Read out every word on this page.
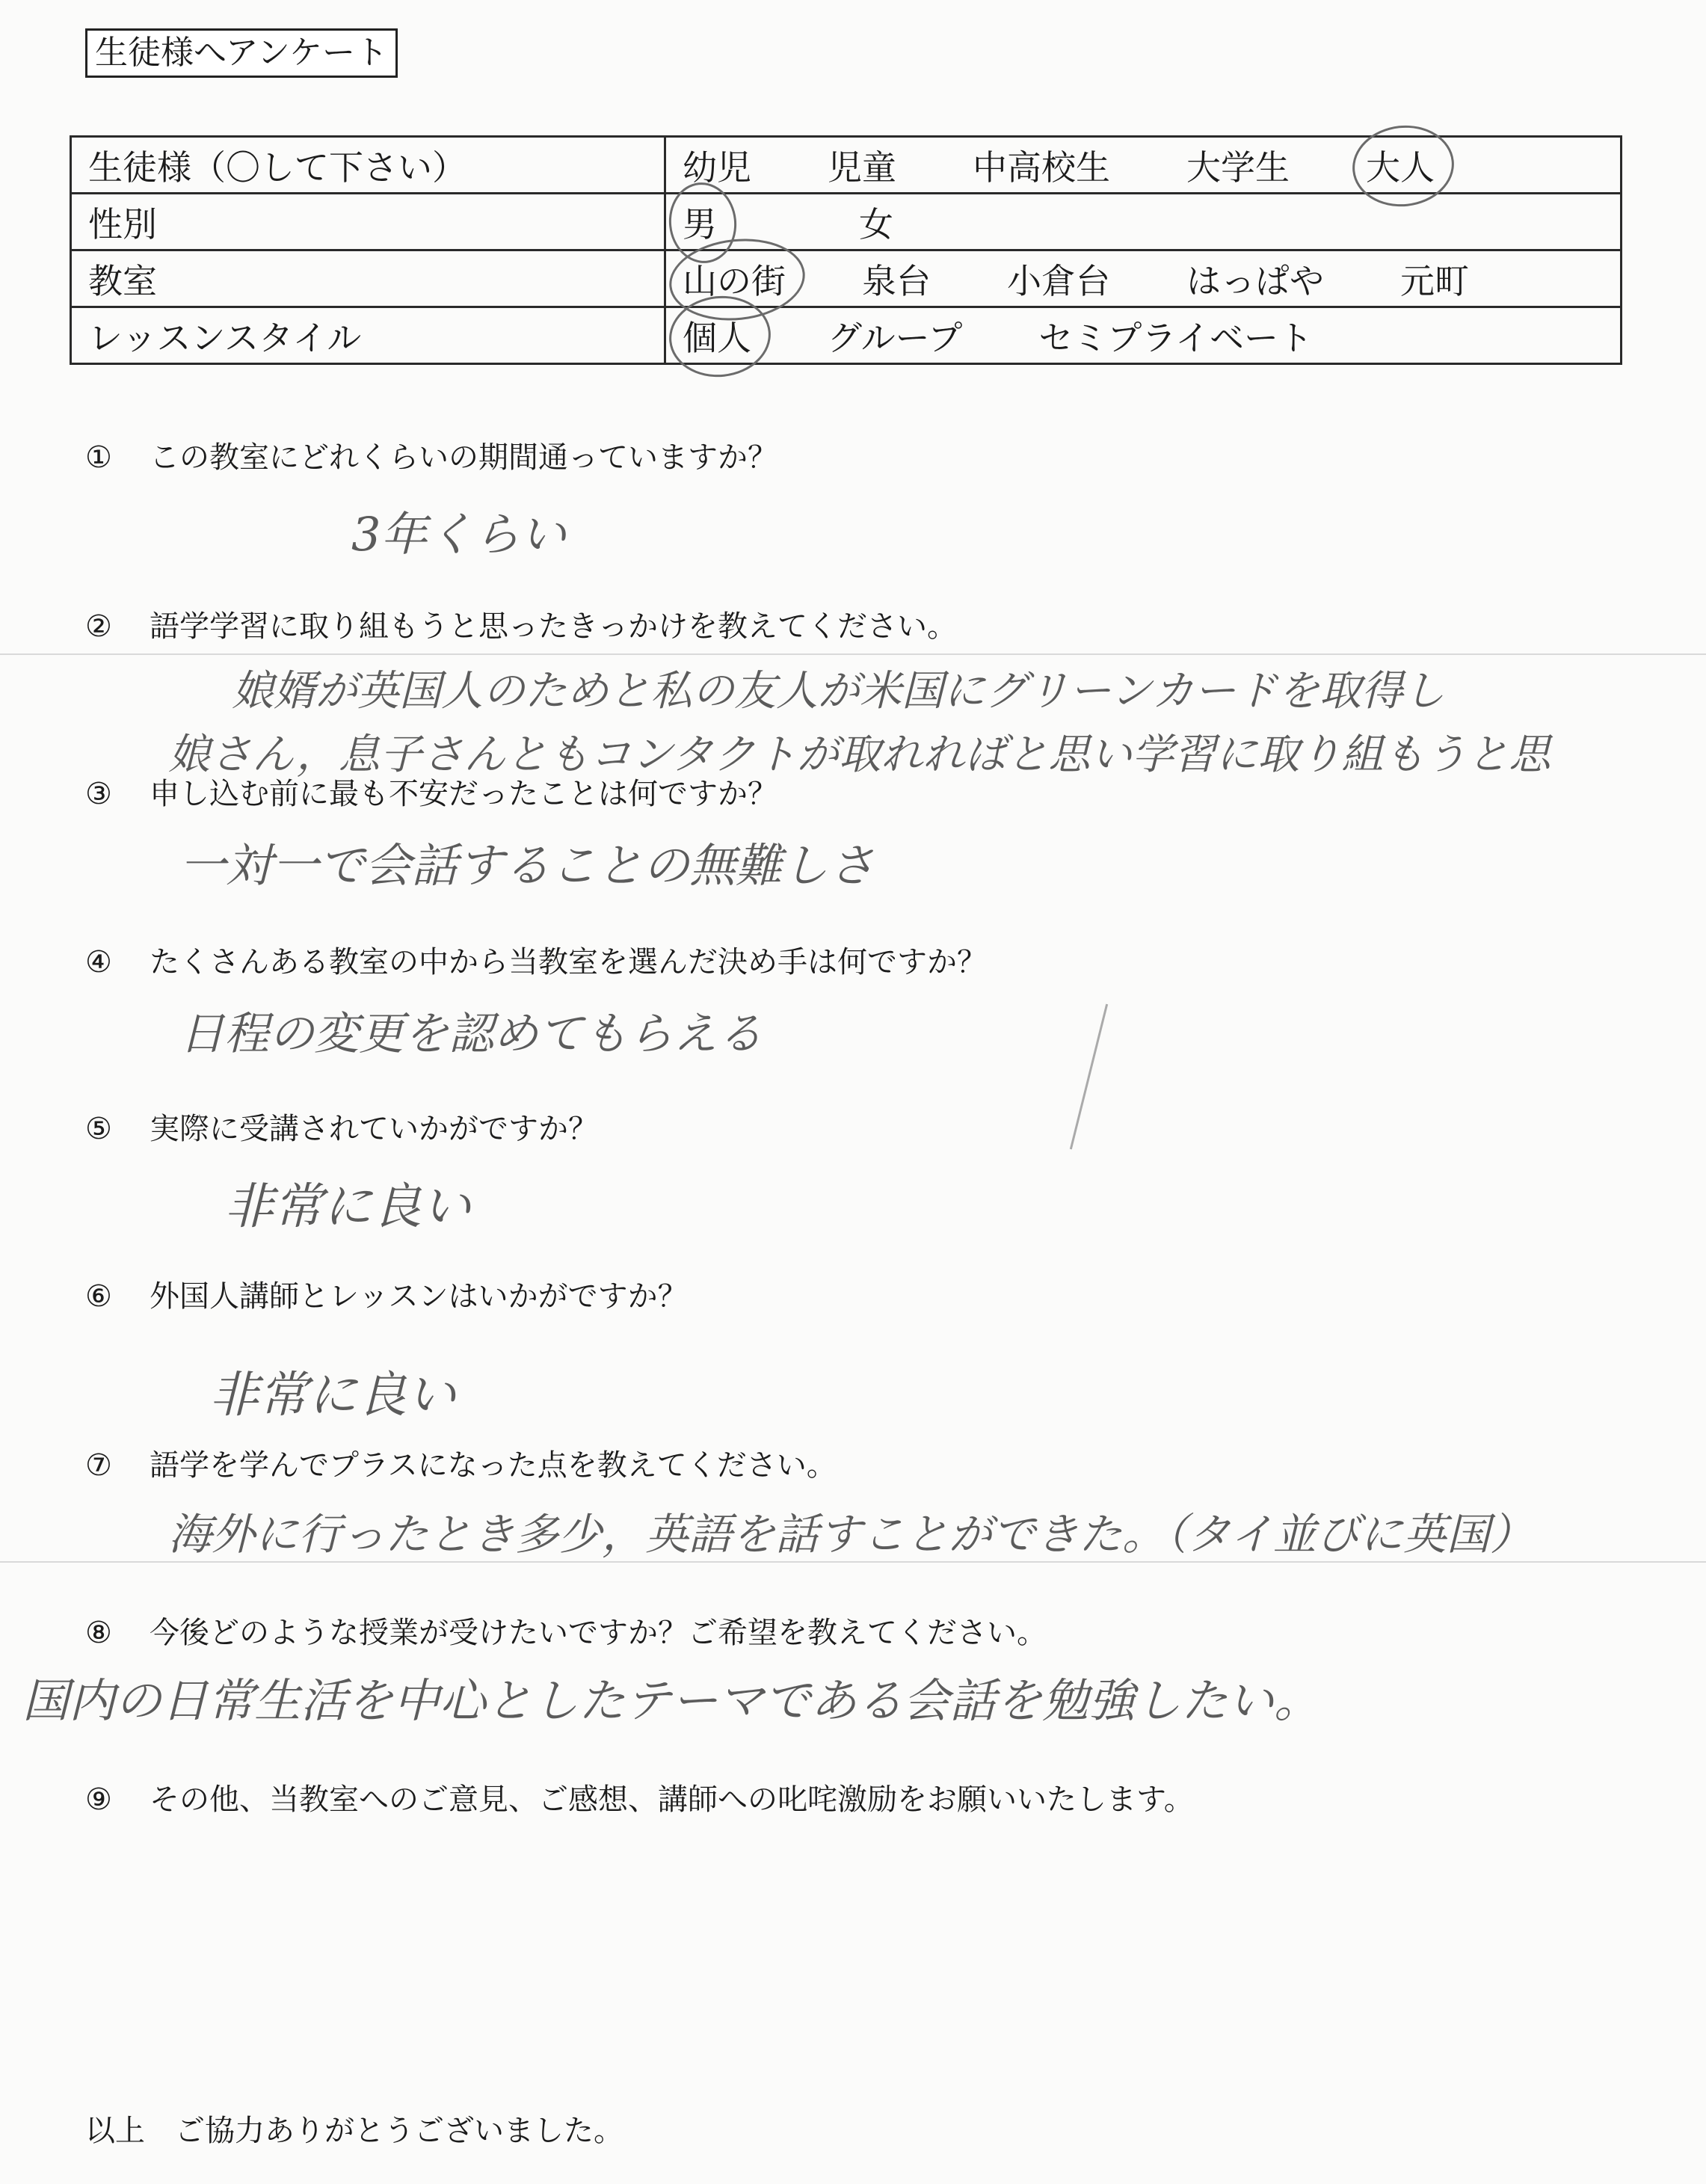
生徒様へアンケート
生徒様（〇して下さい）	幼児 児童 中高校生 大学生 大人

性別	男 女

教室	山の街 泉台 小倉台 はっぱや 元町

レッスンスタイル	個人 グループ セミプライベート
① この教室にどれくらいの期間通っていますか？
3年くらい
② 語学学習に取り組もうと思ったきっかけを教えてください。
娘婿が英国人のためと私の友人が米国にグリーンカードを取得し
娘さん，息子さんともコンタクトが取れればと思い学習に取り組もうと思
③ 申し込む前に最も不安だったことは何ですか？
一対一で会話することの無難しさ
④ たくさんある教室の中から当教室を選んだ決め手は何ですか？
日程の変更を認めてもらえる
⑤ 実際に受講されていかがですか？
非常に良い
⑥ 外国人講師とレッスンはいかがですか？
非常に良い
⑦ 語学を学んでプラスになった点を教えてください。
海外に行ったとき多少，英語を話すことができた。（タイ並びに英国）
⑧ 今後どのような授業が受けたいですか？ご希望を教えてください。
国内の日常生活を中心としたテーマである会話を勉強したい。
⑨ その他、当教室へのご意見、ご感想、講師への叱咤激励をお願いいたします。
以上　ご協力ありがとうございました。
